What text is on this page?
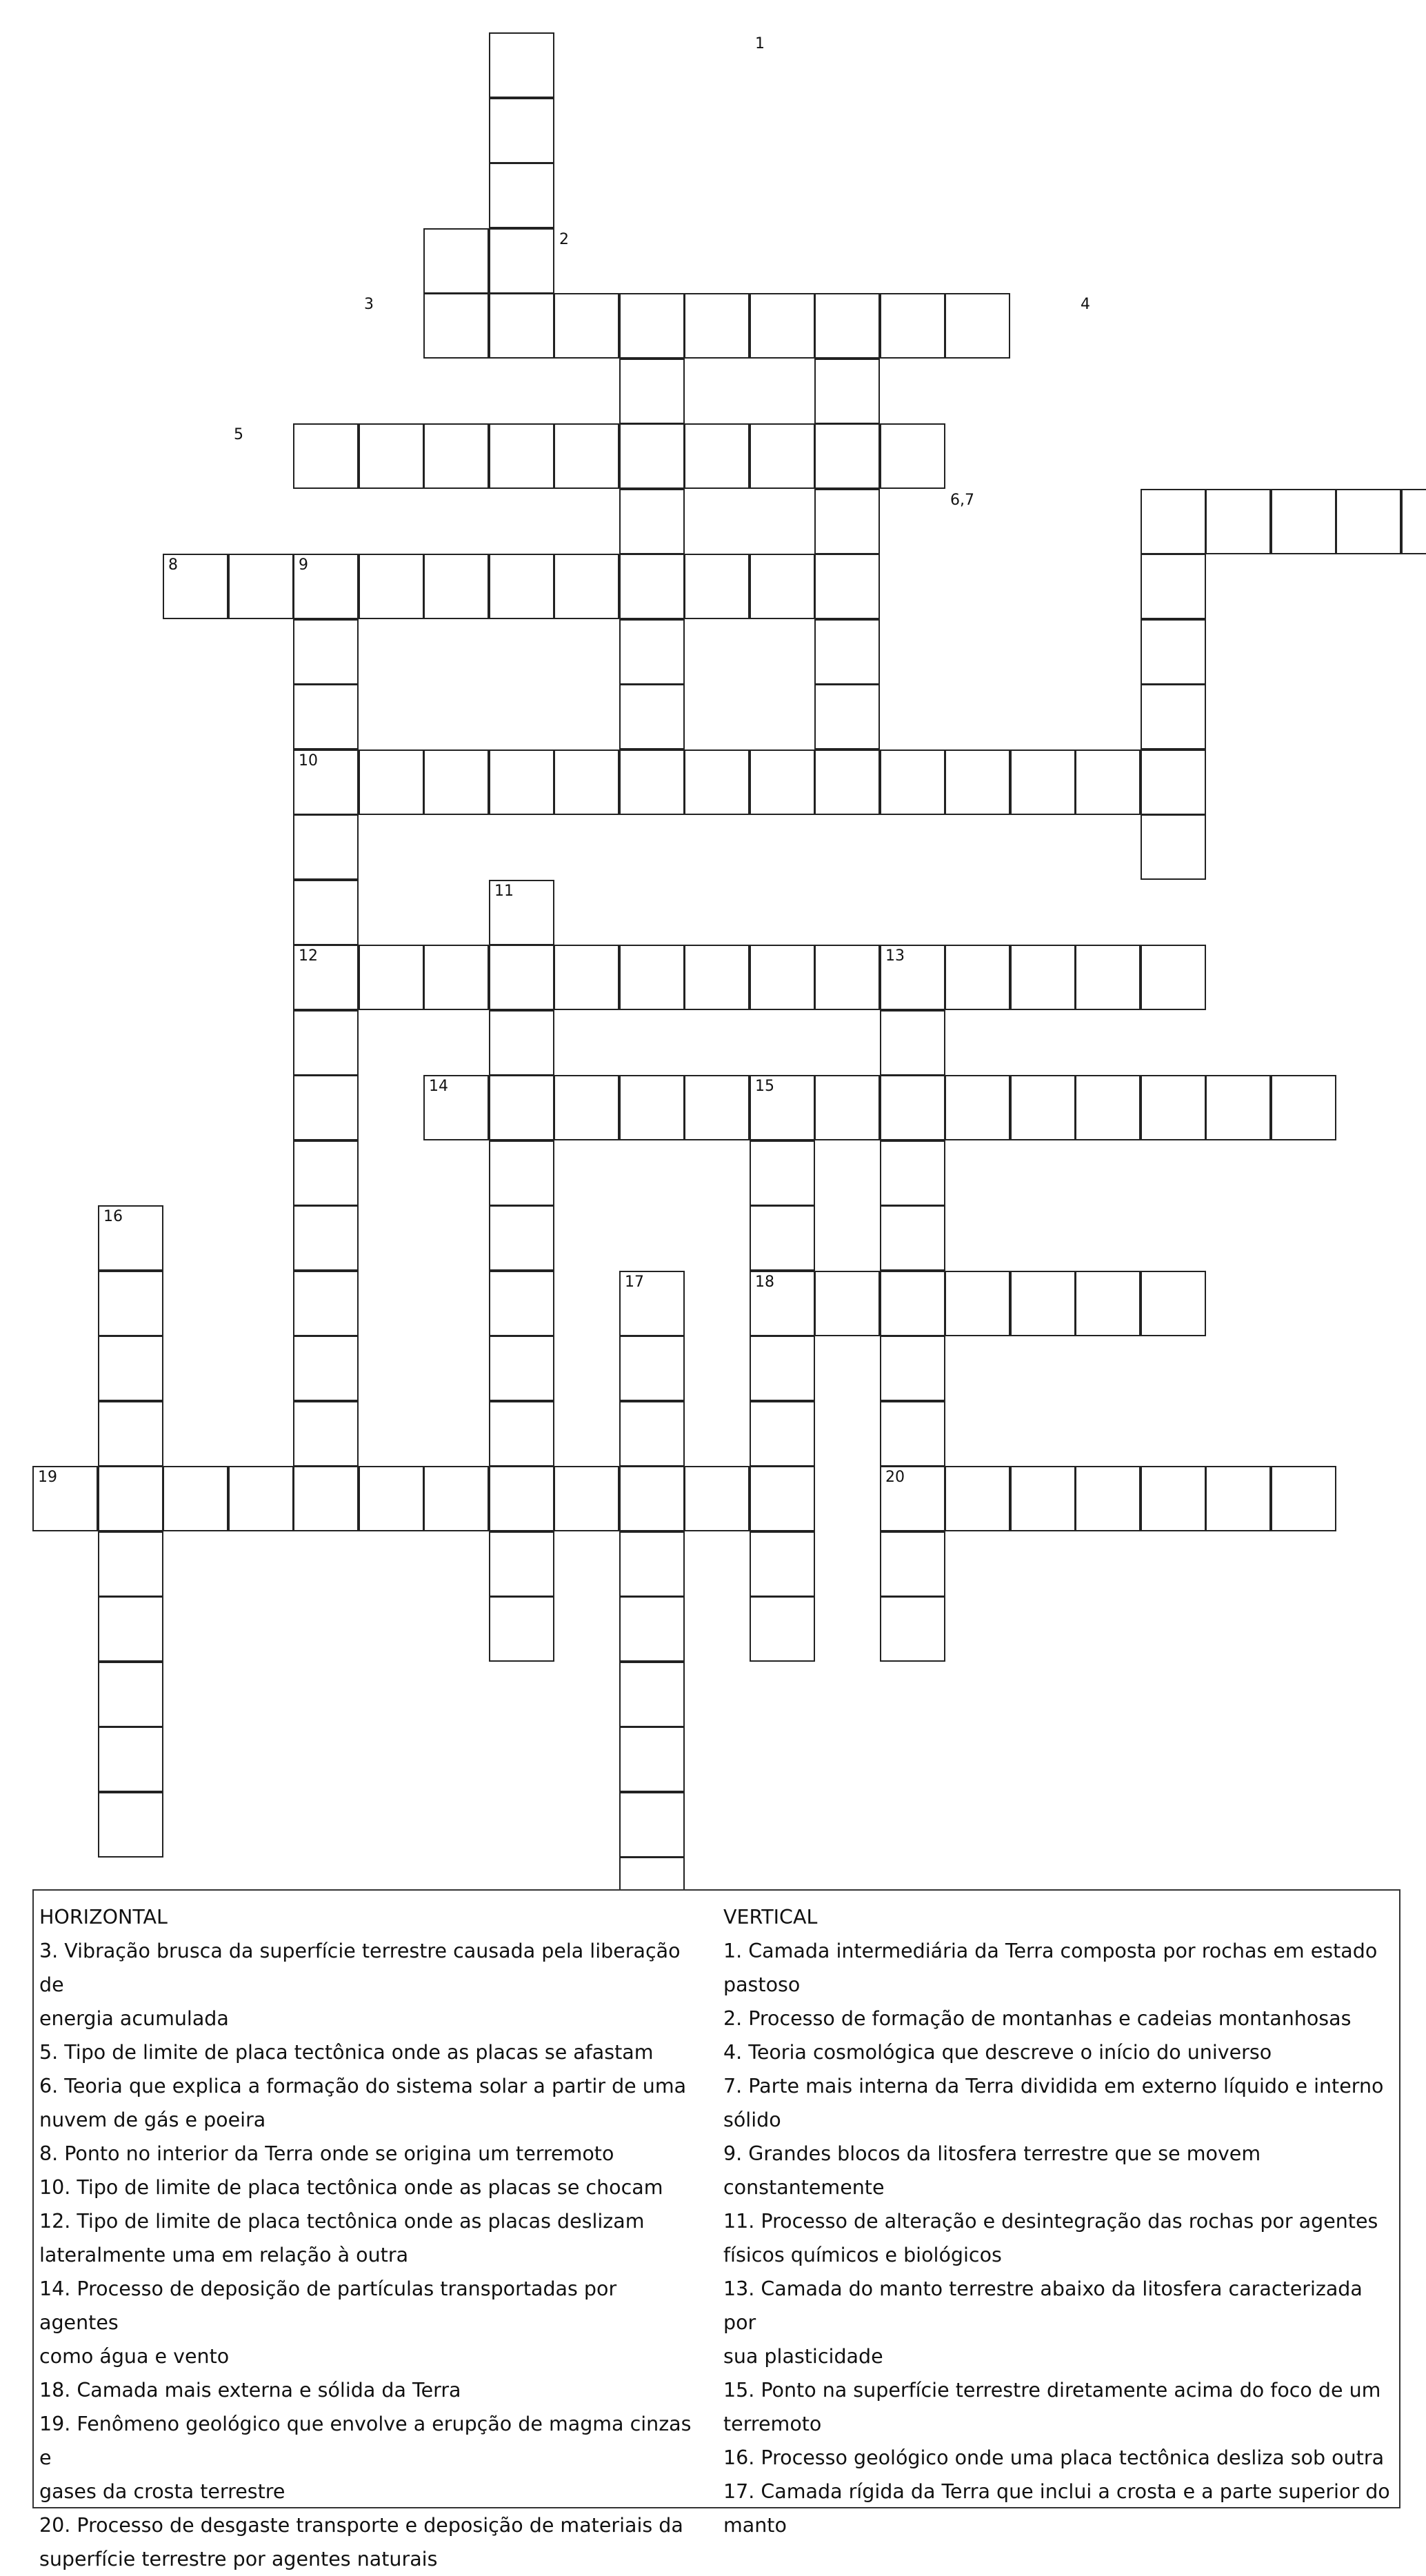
1
2
3	4
5
6,7
8	9
10
11
12	13
14	15
16
17	18
19	20

HORIZONTAL

3. Vibração brusca da superfície terrestre causada pela liberação de

energia acumulada

5. Tipo de limite de placa tectônica onde as placas se afastam

6. Teoria que explica a formação do sistema solar a partir de uma

nuvem de gás e poeira

8. Ponto no interior da Terra onde se origina um terremoto

10. Tipo de limite de placa tectônica onde as placas se chocam

12. Tipo de limite de placa tectônica onde as placas deslizam

lateralmente uma em relação à outra

14. Processo de deposição de partículas transportadas por agentes

como água e vento

18. Camada mais externa e sólida da Terra

19. Fenômeno geológico que envolve a erupção de magma cinzas e

gases da crosta terrestre

20. Processo de desgaste transporte e deposição de materiais da

superfície terrestre por agentes naturais

VERTICAL

1. Camada intermediária da Terra composta por rochas em estado

pastoso

2. Processo de formação de montanhas e cadeias montanhosas

4. Teoria cosmológica que descreve o início do universo

7. Parte mais interna da Terra dividida em externo líquido e interno

sólido

9. Grandes blocos da litosfera terrestre que se movem constantemente

11. Processo de alteração e desintegração das rochas por agentes

físicos químicos e biológicos

13. Camada do manto terrestre abaixo da litosfera caracterizada por

sua plasticidade

15. Ponto na superfície terrestre diretamente acima do foco de um

terremoto

16. Processo geológico onde uma placa tectônica desliza sob outra

17. Camada rígida da Terra que inclui a crosta e a parte superior do

manto
